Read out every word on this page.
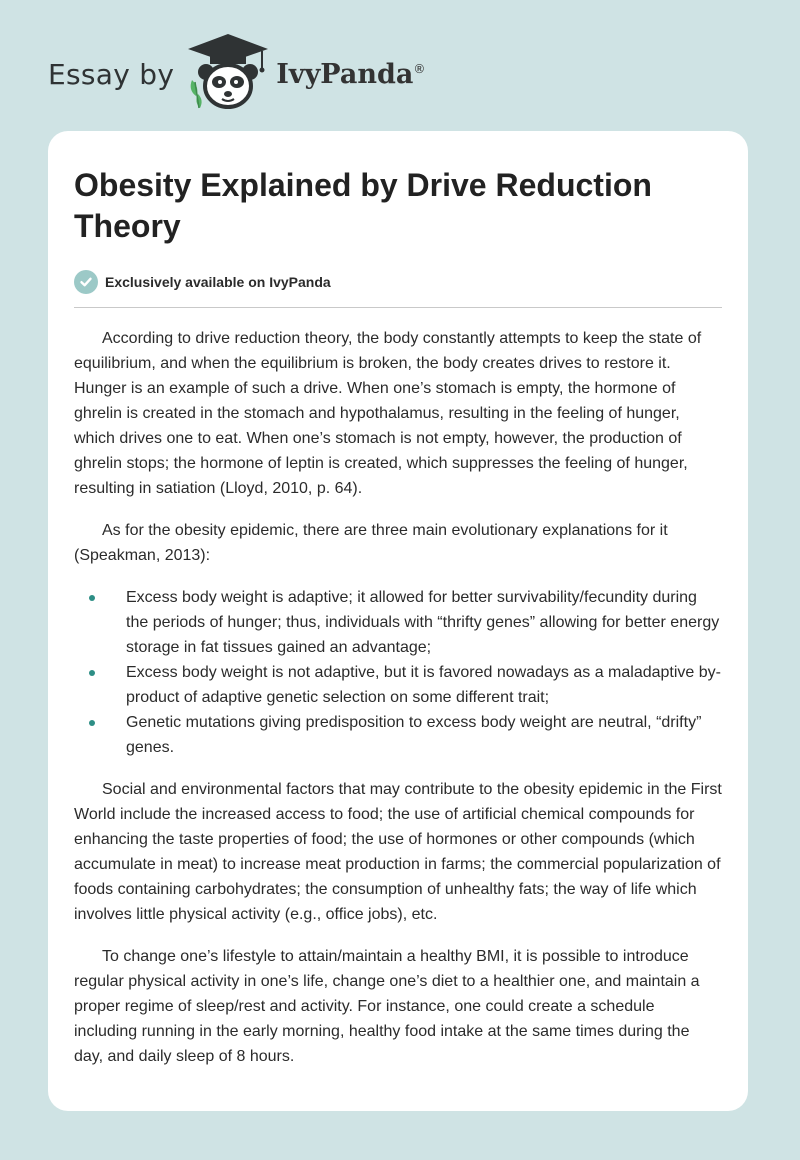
Essay by	IvyPanda®
Obesity Explained by Drive Reduction Theory
Exclusively available on IvyPanda

According to drive reduction theory, the body constantly attempts to keep the state of equilibrium, and when the equilibrium is broken, the body creates drives to restore it. Hunger is an example of such a drive. When one’s stomach is empty, the hormone of ghrelin is created in the stomach and hypothalamus, resulting in the feeling of hunger, which drives one to eat. When one’s stomach is not empty, however, the production of ghrelin stops; the hormone of leptin is created, which suppresses the feeling of hunger, resulting in satiation (Lloyd, 2010, p. 64).

As for the obesity epidemic, there are three main evolutionary explanations for it (Speakman, 2013):

Excess body weight is adaptive; it allowed for better survivability/fecundity during the periods of hunger; thus, individuals with “thrifty genes” allowing for better energy storage in fat tissues gained an advantage;
Excess body weight is not adaptive, but it is favored nowadays as a maladaptive by-product of adaptive genetic selection on some different trait;
Genetic mutations giving predisposition to excess body weight are neutral, “drifty” genes.

Social and environmental factors that may contribute to the obesity epidemic in the First World include the increased access to food; the use of artificial chemical compounds for enhancing the taste properties of food; the use of hormones or other compounds (which accumulate in meat) to increase meat production in farms; the commercial popularization of foods containing carbohydrates; the consumption of unhealthy fats; the way of life which involves little physical activity (e.g., office jobs), etc.

To change one’s lifestyle to attain/maintain a healthy BMI, it is possible to introduce regular physical activity in one’s life, change one’s diet to a healthier one, and maintain a proper regime of sleep/rest and activity. For instance, one could create a schedule including running in the early morning, healthy food intake at the same times during the day, and daily sleep of 8 hours.
